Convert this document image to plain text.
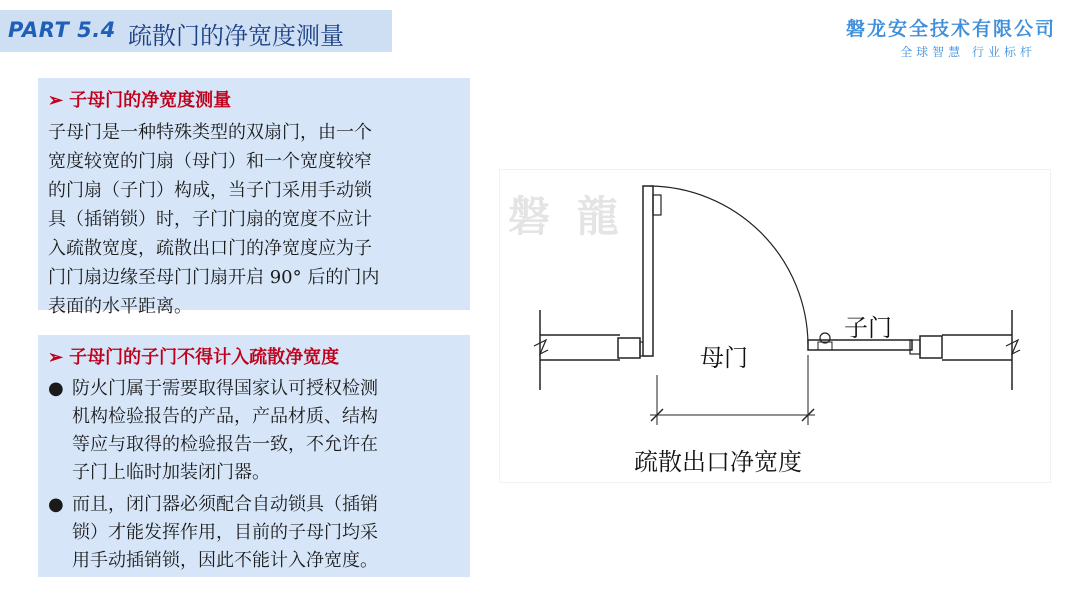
PART 5.4 疏散门的净宽度测量	磐龙安全技术有限公司
全球智慧 行业标杆
➢ 子母门的净宽度测量
子母门是一种特殊类型的双扇门，由一个
宽度较宽的门扇（母门）和一个宽度较窄
的门扇（子门）构成，当子门采用手动锁
具（插销锁）时，子门门扇的宽度不应计
入疏散宽度，疏散出口门的净宽度应为子
门门扇边缘至母门门扇开启 90° 后的门内
表面的水平距离。
➢ 子母门的子门不得计入疏散净宽度
● 防火门属于需要取得国家认可授权检测
机构检验报告的产品，产品材质、结构
等应与取得的检验报告一致，不允许在
子门上临时加装闭门器。
● 而且，闭门器必须配合自动锁具（插销
锁）才能发挥作用，目前的子母门均采
用手动插销锁，因此不能计入净宽度。
磐 龍
母门
子门
疏散出口净宽度
